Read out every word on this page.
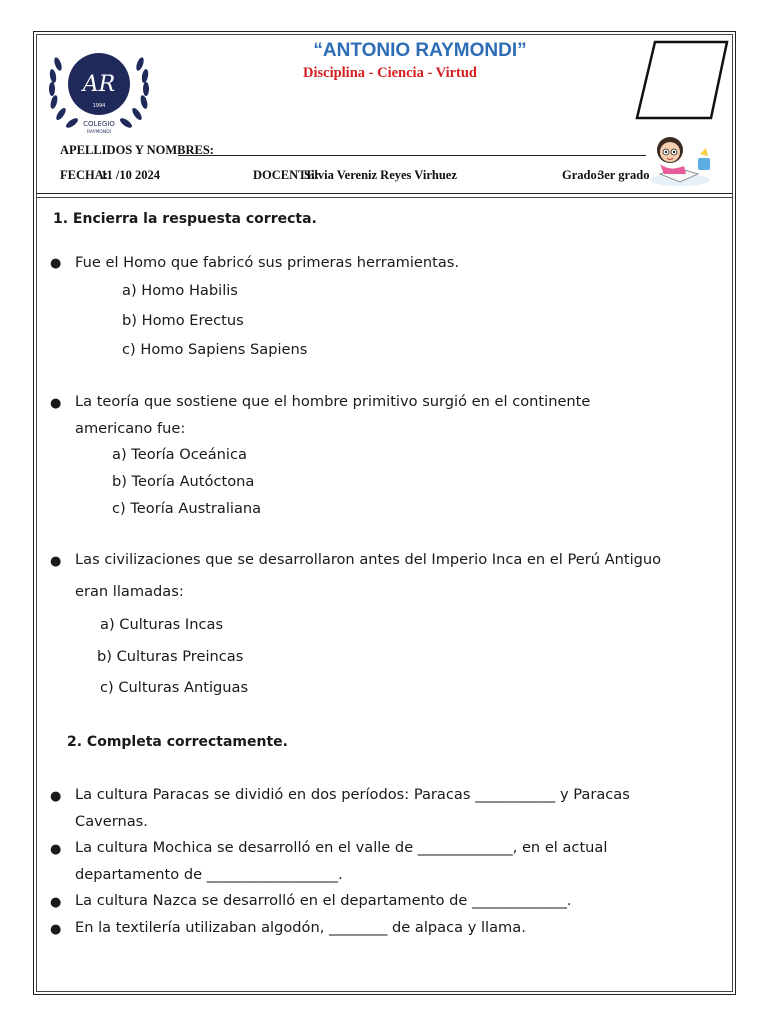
AR
1994
COLEGIO
RAYMONDI
“ANTONIO RAYMONDI”
Disciplina - Ciencia - Virtud
APELLIDOS Y NOMBRES:
FECHA:
11 /10 2024	DOCENTE:
Silvia Vereniz Reyes Virhuez	Grado:
3er grado
1. Encierra la respuesta correcta.
● Fue el Homo que fabricó sus primeras herramientas.
a) Homo Habilis
b) Homo Erectus
c) Homo Sapiens Sapiens
● La teoría que sostiene que el hombre primitivo surgió en el continente
americano fue:
a) Teoría Oceánica
b) Teoría Autóctona
c) Teoría Australiana
● Las civilizaciones que se desarrollaron antes del Imperio Inca en el Perú Antiguo
eran llamadas:
a) Culturas Incas
b) Culturas Preincas
c) Culturas Antiguas
2. Completa correctamente.
● La cultura Paracas se dividió en dos períodos: Paracas ___________ y Paracas
Cavernas.
● La cultura Mochica se desarrolló en el valle de _____________, en el actual
departamento de __________________.
● La cultura Nazca se desarrolló en el departamento de _____________.
● En la textilería utilizaban algodón, ________ de alpaca y llama.
